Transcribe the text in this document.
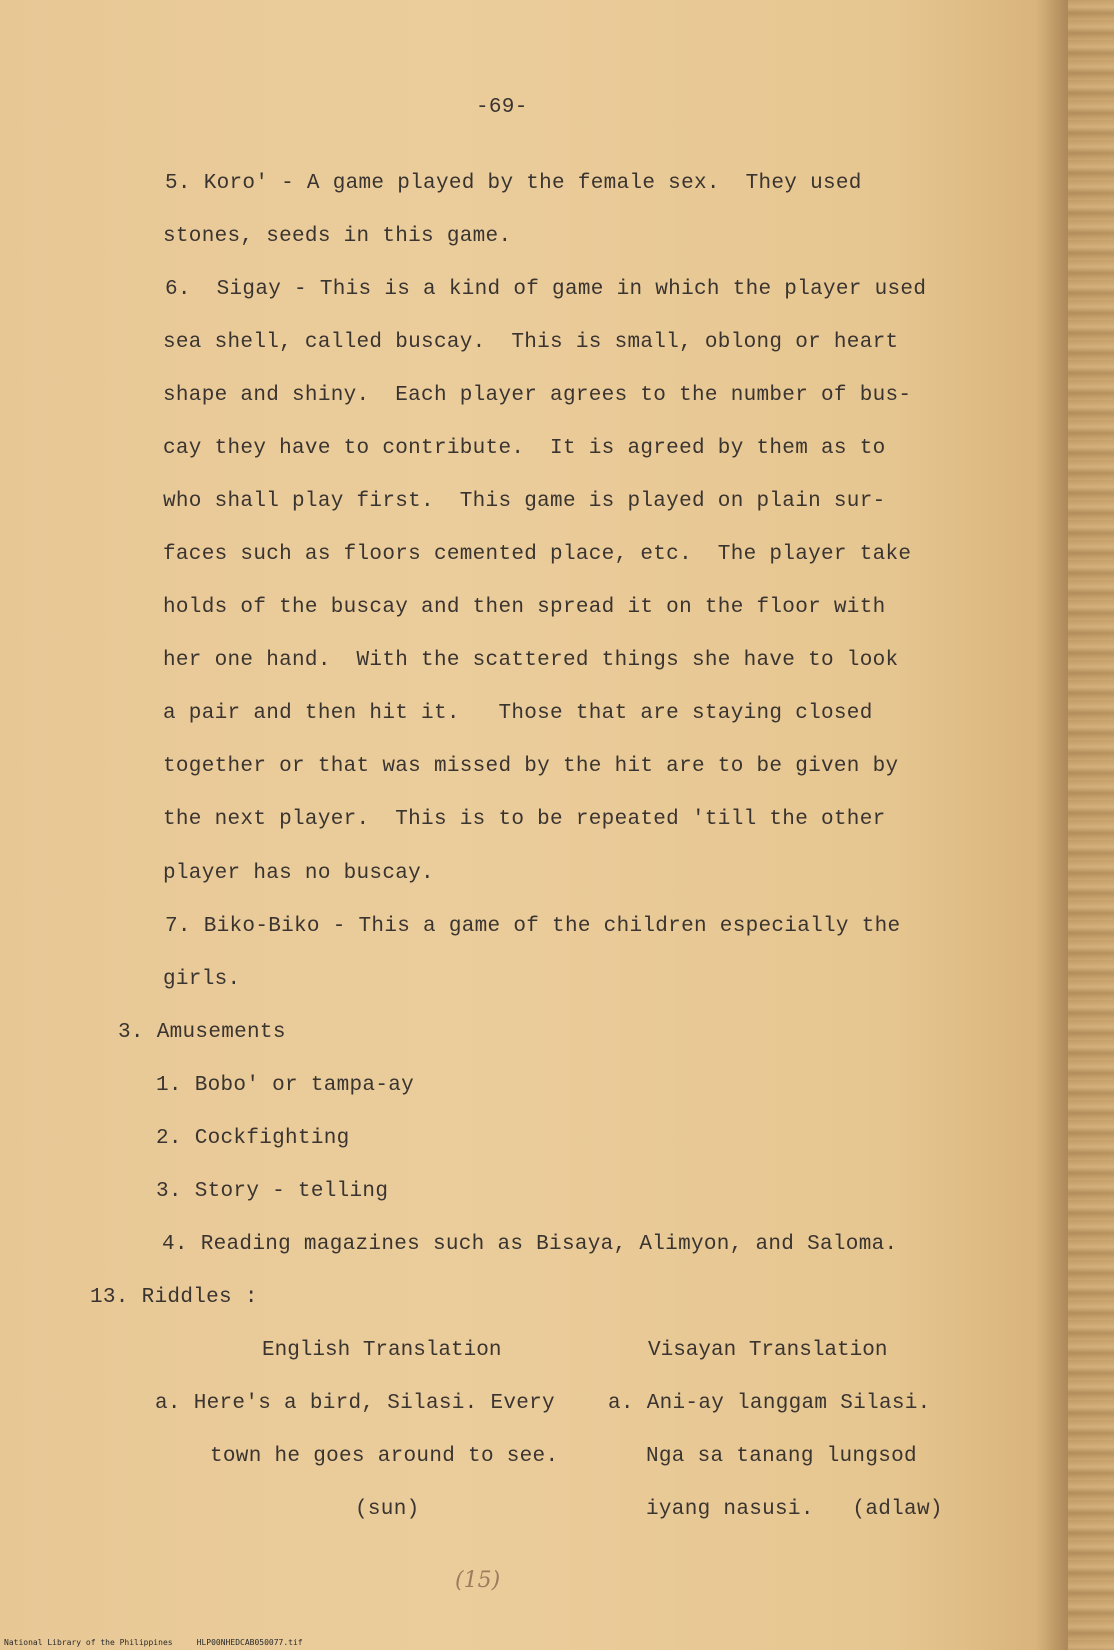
-69-
5. Koro' - A game played by the female sex.  They used
stones, seeds in this game.
6.  Sigay - This is a kind of game in which the player used
sea shell, called buscay.  This is small, oblong or heart
shape and shiny.  Each player agrees to the number of bus-
cay they have to contribute.  It is agreed by them as to
who shall play first.  This game is played on plain sur-
faces such as floors cemented place, etc.  The player take
holds of the buscay and then spread it on the floor with
her one hand.  With the scattered things she have to look
a pair and then hit it.   Those that are staying closed
together or that was missed by the hit are to be given by
the next player.  This is to be repeated 'till the other
player has no buscay.
7. Biko-Biko - This a game of the children especially the
girls.
3. Amusements
1. Bobo' or tampa-ay
2. Cockfighting
3. Story - telling
4. Reading magazines such as Bisaya, Alimyon, and Saloma.
13. Riddles :
English Translation	Visayan Translation
a. Here's a bird, Silasi. Every
town he goes around to see.
(sun)
a. Ani-ay langgam Silasi.
Nga sa tanang lungsod
iyang nasusi.   (adlaw)
(15)
National Library of the Philippines     HLP00NHEDCAB050077.tif
